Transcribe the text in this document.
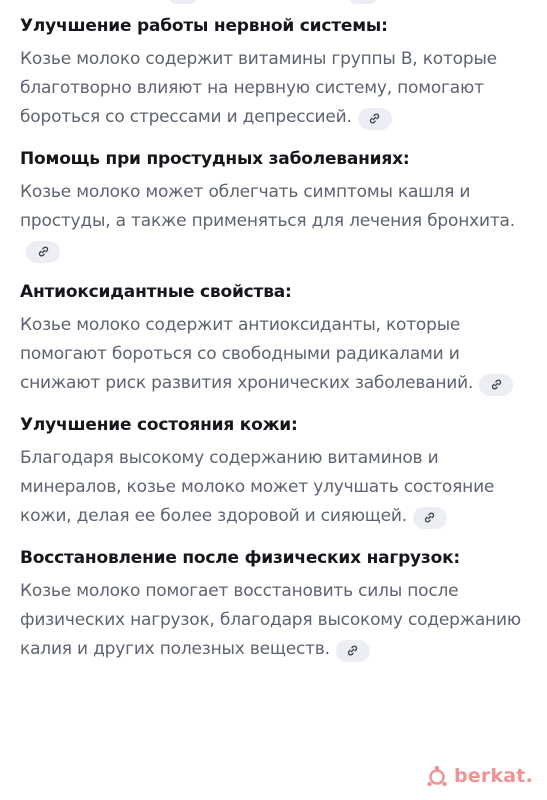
Улучшение работы нервной системы:

Козье молоко содержит витамины группы B, которые благотворно влияют на нервную систему, помогают бороться со стрессами и депрессией.

Помощь при простудных заболеваниях:

Козье молоко может облегчать симптомы кашля и простуды, а также применяться для лечения бронхита.

Антиоксидантные свойства:

Козье молоко содержит антиоксиданты, которые помогают бороться со свободными радикалами и снижают риск развития хронических заболеваний.

Улучшение состояния кожи:

Благодаря высокому содержанию витаминов и минералов, козье молоко может улучшать состояние кожи, делая ее более здоровой и сияющей.

Восстановление после физических нагрузок:

Козье молоко помогает восстановить силы после физических нагрузок, благодаря высокому содержанию калия и других полезных веществ.

berkat.
